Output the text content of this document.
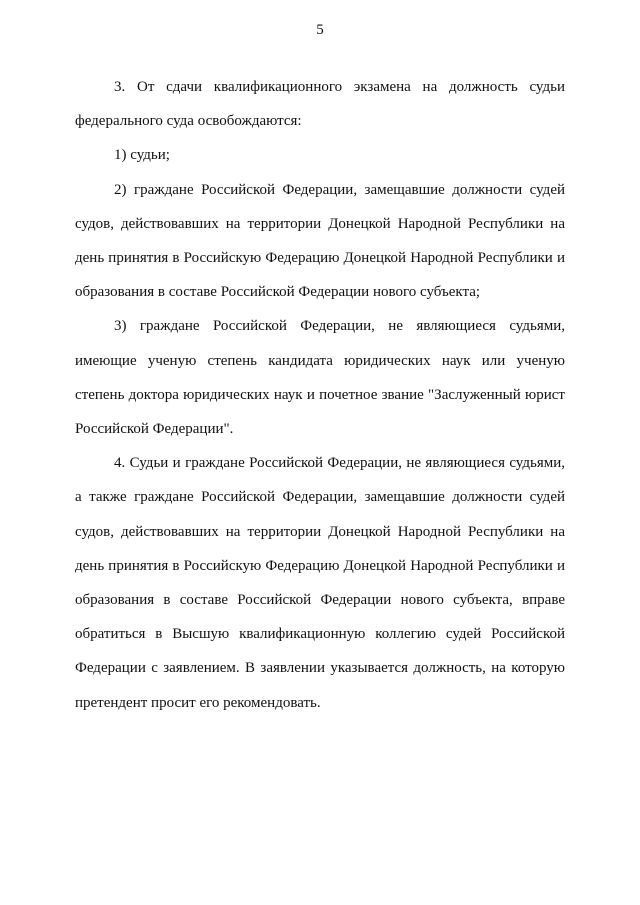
5

3. От сдачи квалификационного экзамена на должность судьи федерального суда освобождаются:

1) судьи;

2) граждане Российской Федерации, замещавшие должности судей судов, действовавших на территории Донецкой Народной Республики на день принятия в Российскую Федерацию Донецкой Народной Республики и образования в составе Российской Федерации нового субъекта;

3) граждане Российской Федерации, не являющиеся судьями, имеющие ученую степень кандидата юридических наук или ученую степень доктора юридических наук и почетное звание "Заслуженный юрист Российской Федерации".

4. Судьи и граждане Российской Федерации, не являющиеся судьями, а также граждане Российской Федерации, замещавшие должности судей судов, действовавших на территории Донецкой Народной Республики на день принятия в Российскую Федерацию Донецкой Народной Республики и образования в составе Российской Федерации нового субъекта, вправе обратиться в Высшую квалификационную коллегию судей Российской Федерации с заявлением. В заявлении указывается должность, на которую претендент просит его рекомендовать.
